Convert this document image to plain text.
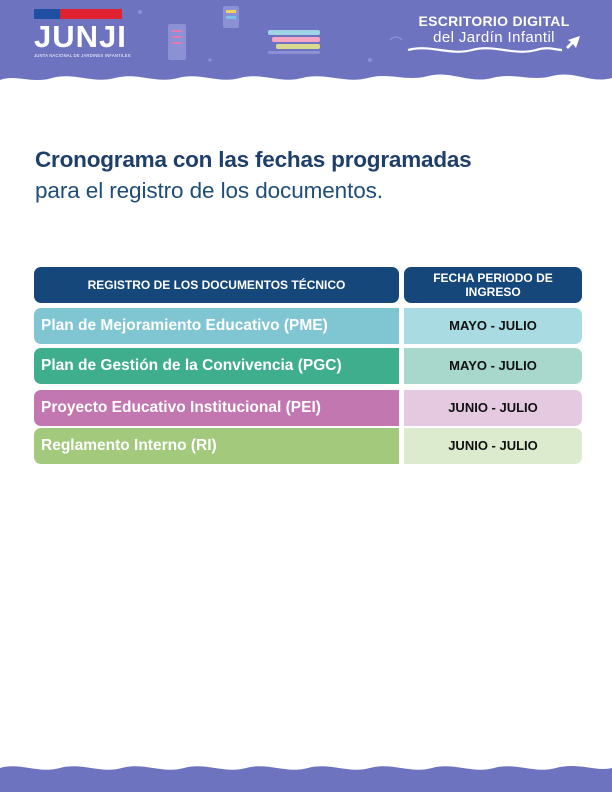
JUNJI
JUNTA NACIONAL DE JARDINES INFANTILES
ESCRITORIO DIGITAL
del Jardín Infantil
Cronograma con las fechas programadas
para el registro de los documentos.
REGISTRO DE LOS DOCUMENTOS TÉCNICO	FECHA PERIODO DE INGRESO
Plan de Mejoramiento Educativo (PME)	MAYO - JULIO
Plan de Gestión de la Convivencia (PGC)	MAYO - JULIO
Proyecto Educativo Institucional (PEI)	JUNIO - JULIO
Reglamento Interno (RI)	JUNIO - JULIO
